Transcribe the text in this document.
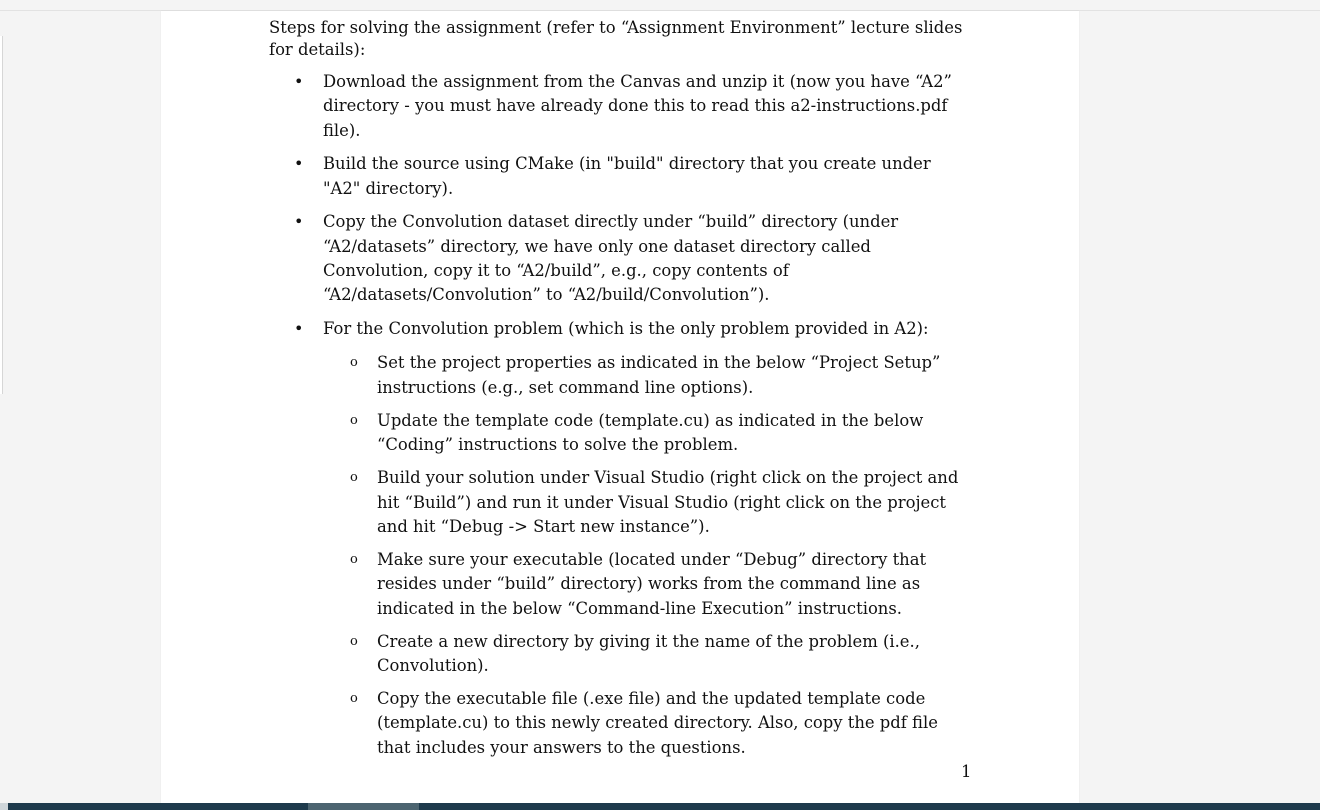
Steps for solving the assignment (refer to “Assignment Environment” lecture slides for details):

• Download the assignment from the Canvas and unzip it (now you have “A2” directory - you must have already done this to read this a2-instructions.pdf file).
• Build the source using CMake (in "build" directory that you create under "A2" directory).
• Copy the Convolution dataset directly under “build” directory (under “A2/datasets” directory, we have only one dataset directory called Convolution, copy it to “A2/build”, e.g., copy contents of “A2/datasets/Convolution” to “A2/build/Convolution”).
• For the Convolution problem (which is the only problem provided in A2):
o Set the project properties as indicated in the below “Project Setup” instructions (e.g., set command line options).
o Update the template code (template.cu) as indicated in the below “Coding” instructions to solve the problem.
o Build your solution under Visual Studio (right click on the project and hit “Build”) and run it under Visual Studio (right click on the project and hit “Debug -> Start new instance”).
o Make sure your executable (located under “Debug” directory that resides under “build” directory) works from the command line as indicated in the below “Command-line Execution” instructions.
o Create a new directory by giving it the name of the problem (i.e., Convolution).
o Copy the executable file (.exe file) and the updated template code (template.cu) to this newly created directory. Also, copy the pdf file that includes your answers to the questions.
1
